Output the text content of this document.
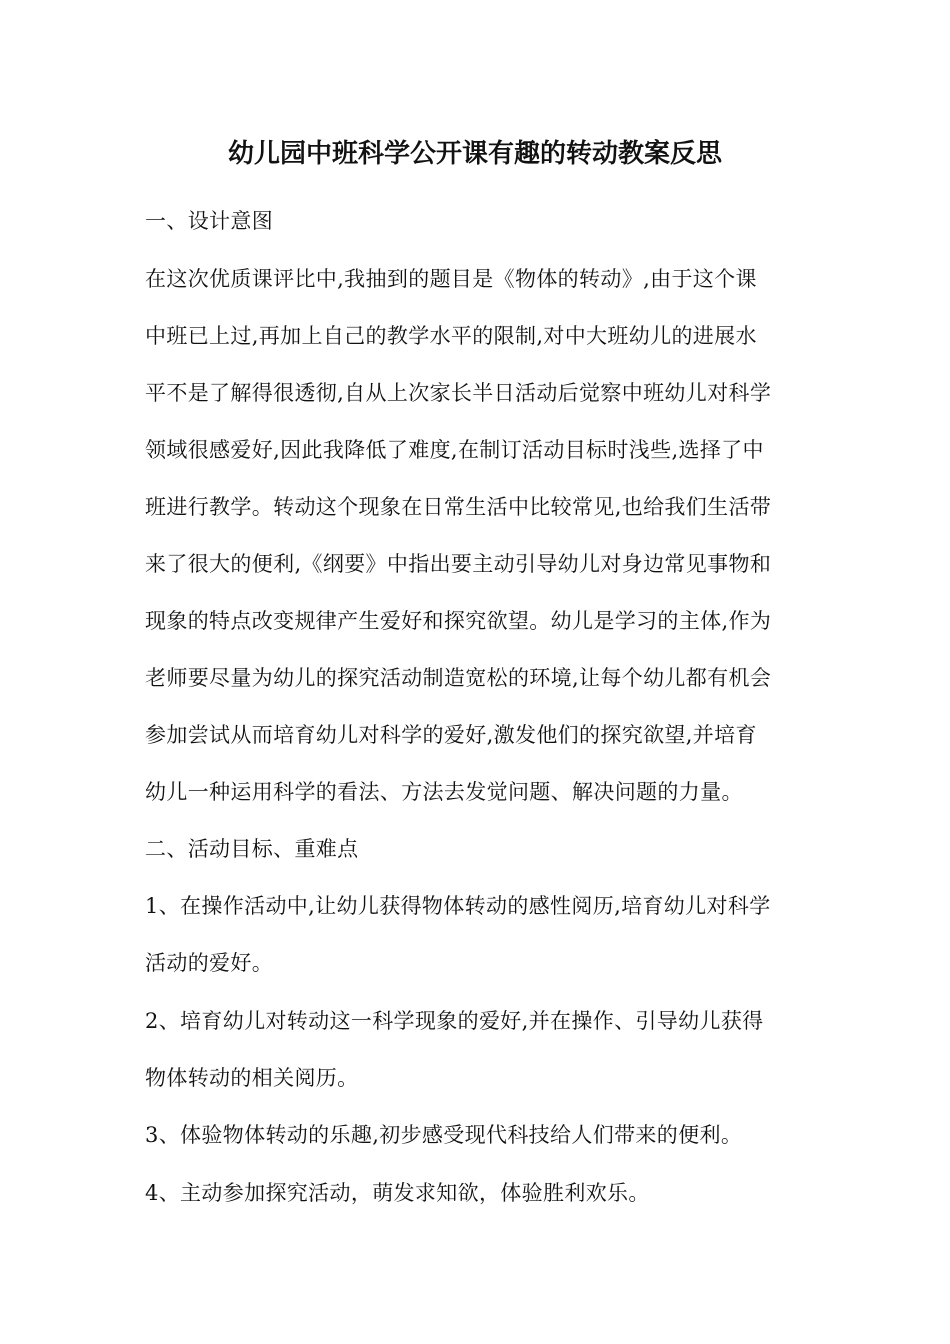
幼儿园中班科学公开课有趣的转动教案反思
一、设计意图
在这次优质课评比中,我抽到的题目是《物体的转动》,由于这个课
中班已上过,再加上自己的教学水平的限制,对中大班幼儿的进展水
平不是了解得很透彻,自从上次家长半日活动后觉察中班幼儿对科学
领域很感爱好,因此我降低了难度,在制订活动目标时浅些,选择了中
班进行教学。转动这个现象在日常生活中比较常见,也给我们生活带
来了很大的便利,《纲要》中指出要主动引导幼儿对身边常见事物和
现象的特点改变规律产生爱好和探究欲望。幼儿是学习的主体,作为
老师要尽量为幼儿的探究活动制造宽松的环境,让每个幼儿都有机会
参加尝试从而培育幼儿对科学的爱好,激发他们的探究欲望,并培育
幼儿一种运用科学的看法、方法去发觉问题、解决问题的力量。
二、活动目标、重难点
1、在操作活动中,让幼儿获得物体转动的感性阅历,培育幼儿对科学
活动的爱好。
2、培育幼儿对转动这一科学现象的爱好,并在操作、引导幼儿获得
物体转动的相关阅历。
3、体验物体转动的乐趣,初步感受现代科技给人们带来的便利。
4、主动参加探究活动，萌发求知欲，体验胜利欢乐。
